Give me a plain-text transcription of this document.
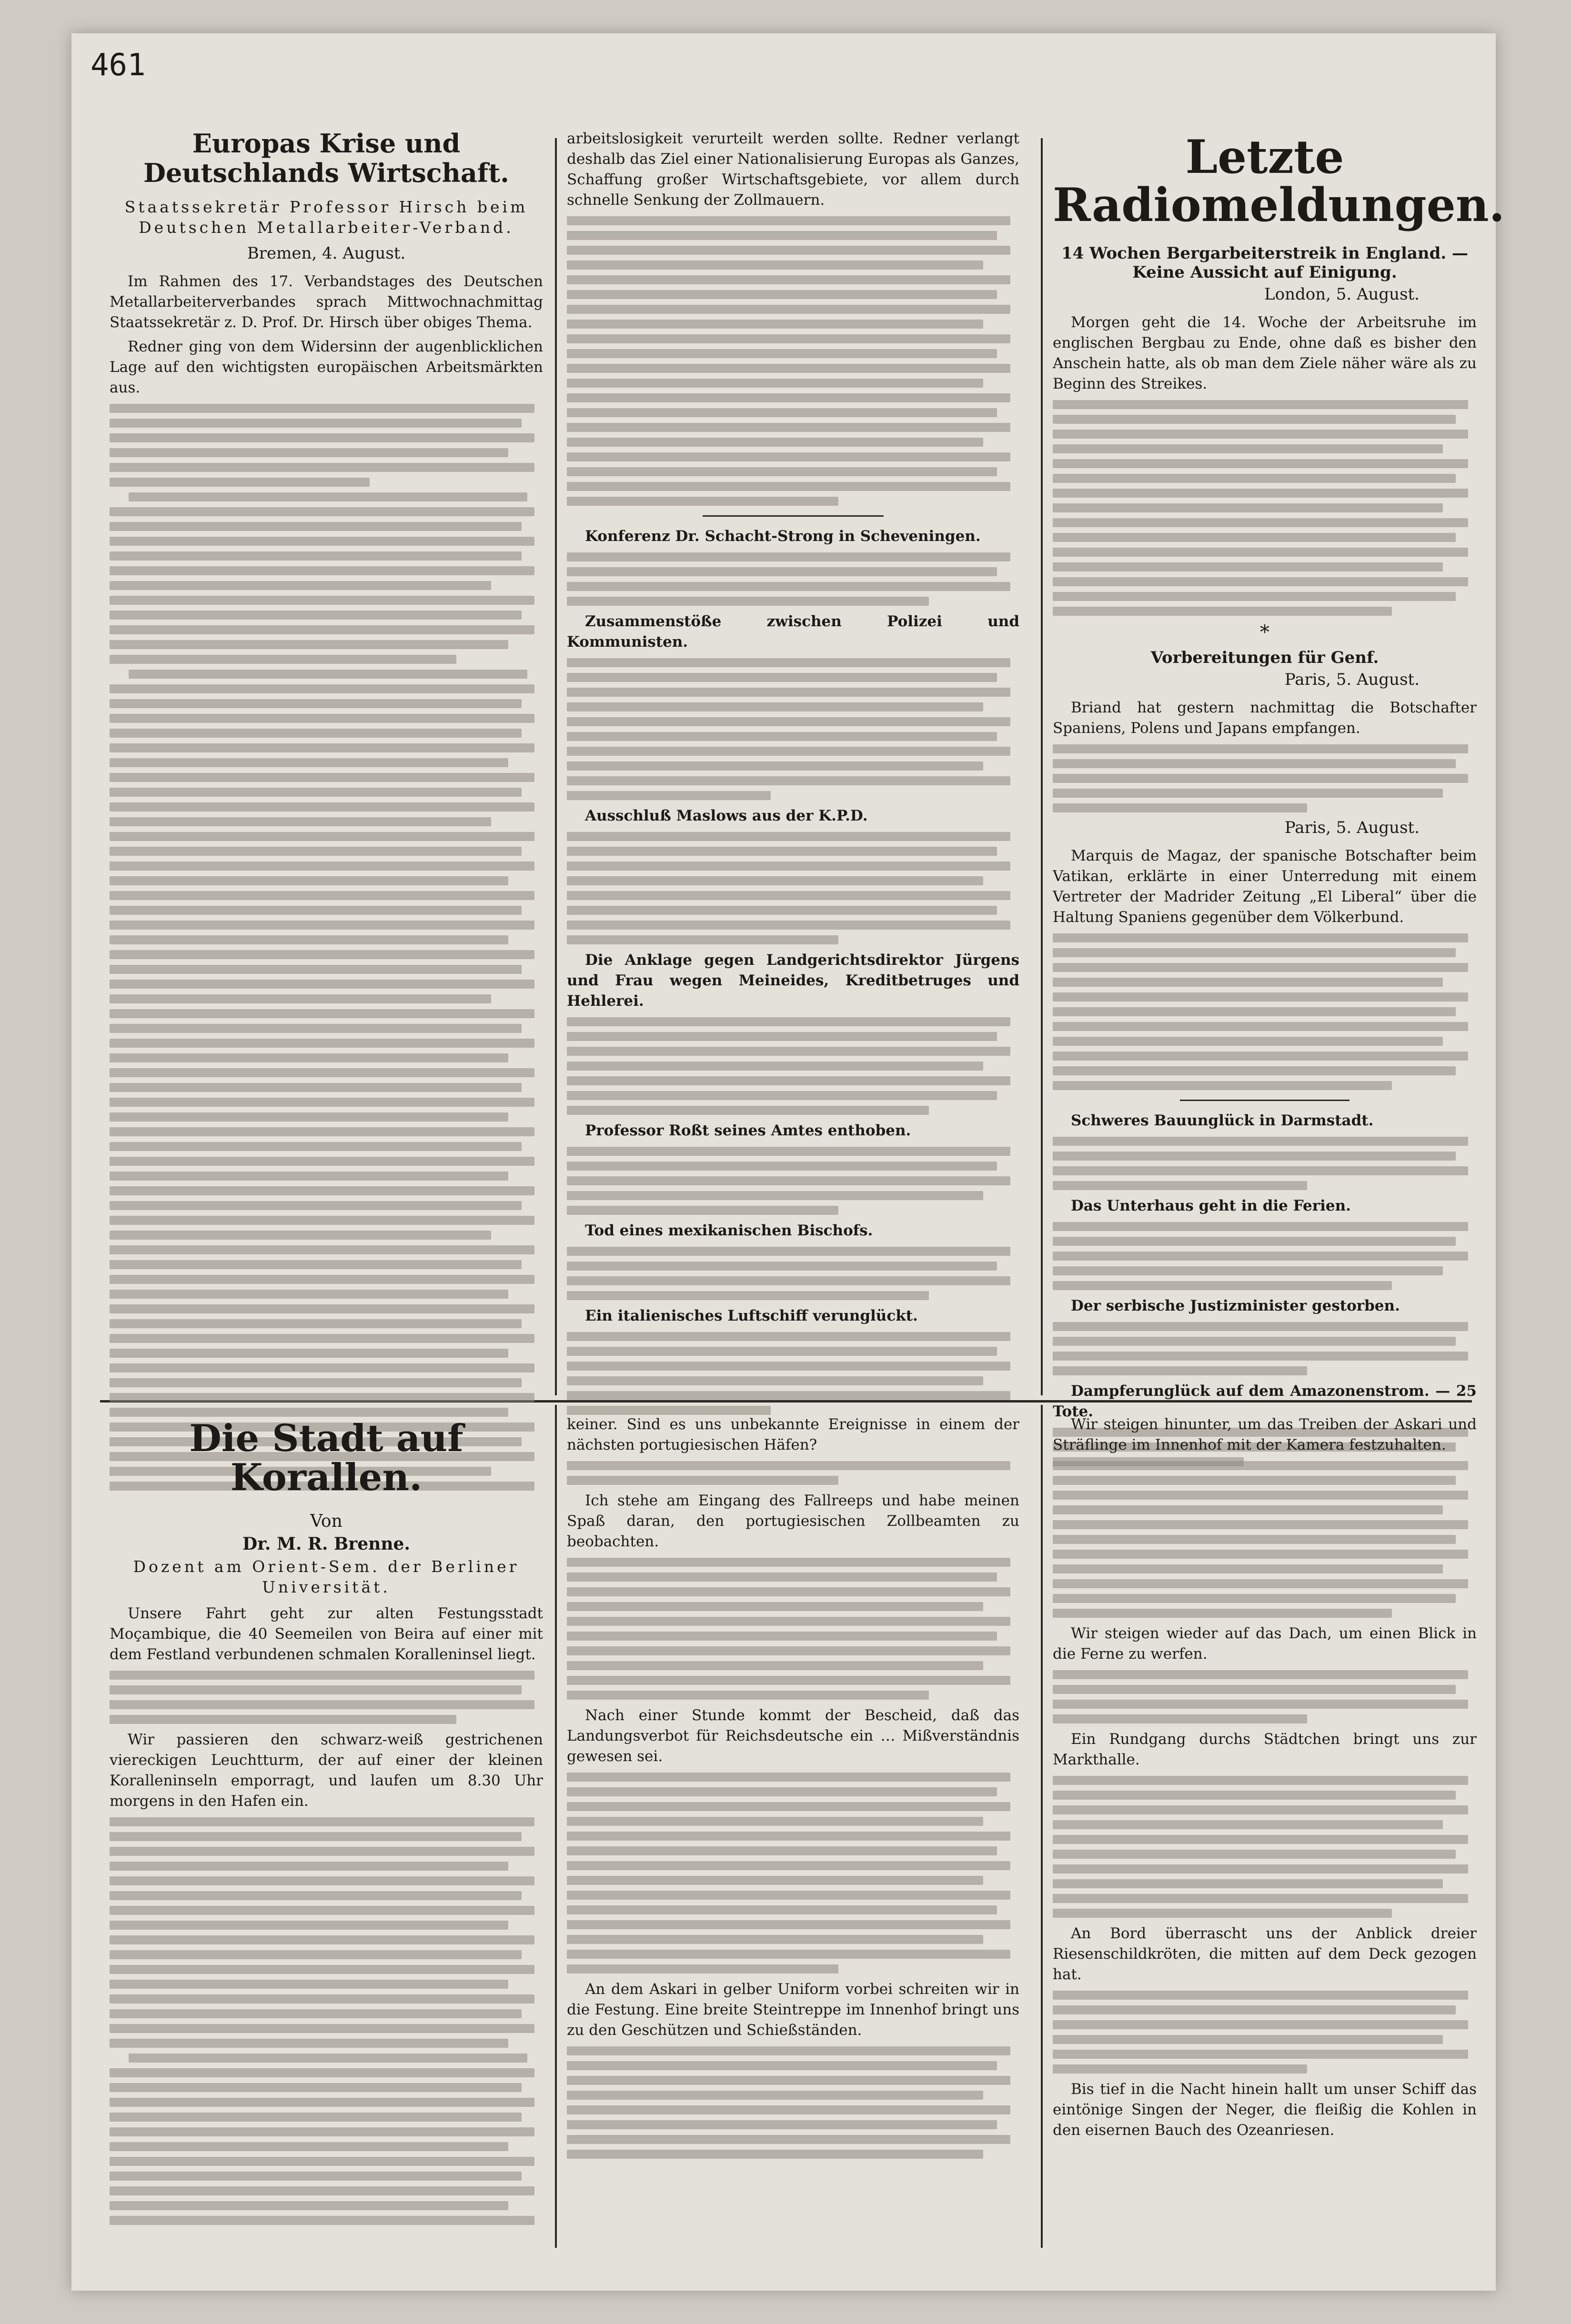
461
Europas Krise und Deutschlands Wirtschaft.
Staatssekretär Professor Hirsch beim Deutschen Metallarbeiter-Verband.
Bremen, 4. August.

Im Rahmen des 17. Verbandstages des Deutschen Metallarbeiterverbandes sprach Mittwochnachmittag Staatssekretär z. D. Prof. Dr. Hirsch über obiges Thema.

Redner ging von dem Widersinn der augenblicklichen Lage auf den wichtigsten europäischen Arbeitsmärkten aus.

arbeitslosigkeit verurteilt werden sollte. Redner verlangt deshalb das Ziel einer Nationalisierung Europas als Ganzes, Schaffung großer Wirtschaftsgebiete, vor allem durch schnelle Senkung der Zollmauern.

Konferenz Dr. Schacht-Strong in Scheveningen.

Zusammenstöße zwischen Polizei und Kommunisten.

Ausschluß Maslows aus der K.P.D.

Die Anklage gegen Landgerichtsdirektor Jürgens und Frau wegen Meineides, Kreditbetruges und Hehlerei.

Professor Roßt seines Amtes enthoben.

Tod eines mexikanischen Bischofs.

Ein italienisches Luftschiff verunglückt.

Letzte Radiomeldungen.
14 Wochen Bergarbeiterstreik in England. — Keine Aussicht auf Einigung.
London, 5. August.

Morgen geht die 14. Woche der Arbeitsruhe im englischen Bergbau zu Ende, ohne daß es bisher den Anschein hatte, als ob man dem Ziele näher wäre als zu Beginn des Streikes.

*
Vorbereitungen für Genf.
Paris, 5. August.

Briand hat gestern nachmittag die Botschafter Spaniens, Polens und Japans empfangen.

Paris, 5. August.

Marquis de Magaz, der spanische Botschafter beim Vatikan, erklärte in einer Unterredung mit einem Vertreter der Madrider Zeitung „El Liberal“ über die Haltung Spaniens gegenüber dem Völkerbund.

Schweres Bauunglück in Darmstadt.

Das Unterhaus geht in die Ferien.

Der serbische Justizminister gestorben.

Dampferunglück auf dem Amazonenstrom. — 25 Tote.

Die Stadt auf Korallen.
Von
Dr. M. R. Brenne.
Dozent am Orient-Sem. der Berliner Universität.

Unsere Fahrt geht zur alten Festungsstadt Moçambique, die 40 Seemeilen von Beira auf einer mit dem Festland verbundenen schmalen Koralleninsel liegt.

Wir passieren den schwarz-weiß gestrichenen viereckigen Leuchtturm, der auf einer der kleinen Koralleninseln emporragt, und laufen um 8.30 Uhr morgens in den Hafen ein.

keiner. Sind es uns unbekannte Ereignisse in einem der nächsten portugiesischen Häfen?

Ich stehe am Eingang des Fallreeps und habe meinen Spaß daran, den portugiesischen Zollbeamten zu beobachten.

Nach einer Stunde kommt der Bescheid, daß das Landungsverbot für Reichsdeutsche ein … Mißverständnis gewesen sei.

An dem Askari in gelber Uniform vorbei schreiten wir in die Festung. Eine breite Steintreppe im Innenhof bringt uns zu den Geschützen und Schießständen.

Wir steigen hinunter, um das Treiben der Askari und Sträflinge im Innenhof mit der Kamera festzuhalten.

Wir steigen wieder auf das Dach, um einen Blick in die Ferne zu werfen.

Ein Rundgang durchs Städtchen bringt uns zur Markthalle.

An Bord überrascht uns der Anblick dreier Riesenschildkröten, die mitten auf dem Deck gezogen hat.

Bis tief in die Nacht hinein hallt um unser Schiff das eintönige Singen der Neger, die fleißig die Kohlen in den eisernen Bauch des Ozeanriesen.
